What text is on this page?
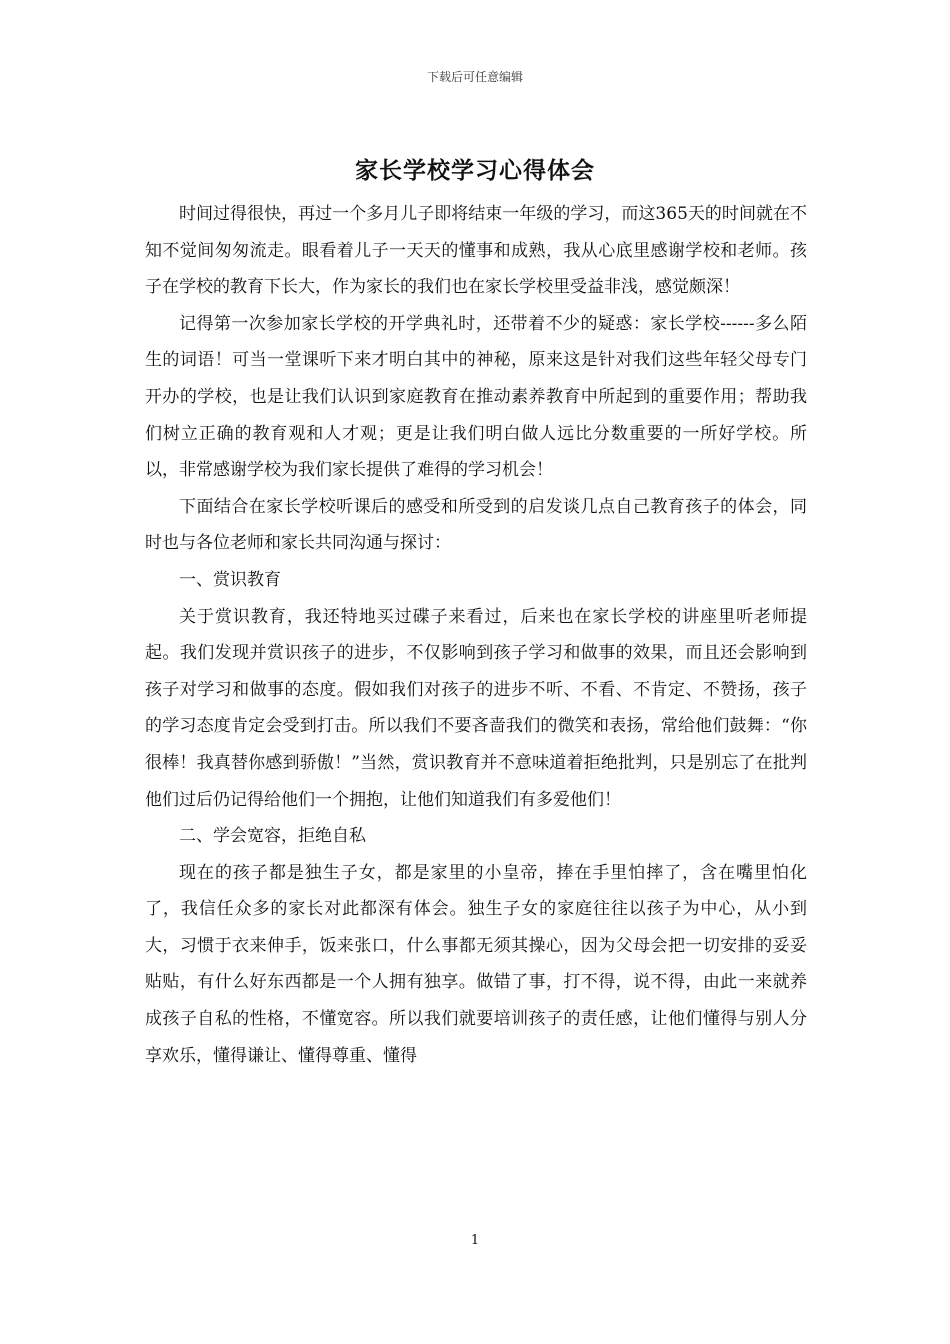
下载后可任意编辑
家长学校学习心得体会

时间过得很快，再过一个多月儿子即将结束一年级的学习，而这365天的时间就在不知不觉间匆匆流走。眼看着儿子一天天的懂事和成熟，我从心底里感谢学校和老师。孩子在学校的教育下长大，作为家长的我们也在家长学校里受益非浅，感觉颇深！

记得第一次参加家长学校的开学典礼时，还带着不少的疑惑：家长学校------多么陌生的词语！可当一堂课听下来才明白其中的神秘，原来这是针对我们这些年轻父母专门开办的学校，也是让我们认识到家庭教育在推动素养教育中所起到的重要作用；帮助我们树立正确的教育观和人才观；更是让我们明白做人远比分数重要的一所好学校。所以，非常感谢学校为我们家长提供了难得的学习机会！

下面结合在家长学校听课后的感受和所受到的启发谈几点自己教育孩子的体会，同时也与各位老师和家长共同沟通与探讨：

一、赏识教育

关于赏识教育，我还特地买过碟子来看过，后来也在家长学校的讲座里听老师提起。我们发现并赏识孩子的进步，不仅影响到孩子学习和做事的效果，而且还会影响到孩子对学习和做事的态度。假如我们对孩子的进步不听、不看、不肯定、不赞扬，孩子的学习态度肯定会受到打击。所以我们不要吝啬我们的微笑和表扬，常给他们鼓舞：“你很棒！我真替你感到骄傲！”当然，赏识教育并不意味道着拒绝批判，只是别忘了在批判他们过后仍记得给他们一个拥抱，让他们知道我们有多爱他们！

二、学会宽容，拒绝自私

现在的孩子都是独生子女，都是家里的小皇帝，捧在手里怕摔了，含在嘴里怕化了，我信任众多的家长对此都深有体会。独生子女的家庭往往以孩子为中心，从小到大，习惯于衣来伸手，饭来张口，什么事都无须其操心，因为父母会把一切安排的妥妥贴贴，有什么好东西都是一个人拥有独享。做错了事，打不得，说不得，由此一来就养成孩子自私的性格，不懂宽容。所以我们就要培训孩子的责任感，让他们懂得与别人分享欢乐，懂得谦让、懂得尊重、懂得

1
